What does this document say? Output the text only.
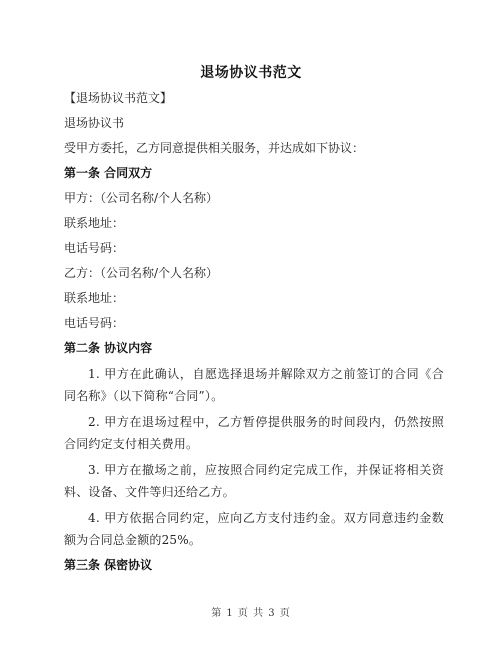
退场协议书范文

【退场协议书范文】

退场协议书

受甲方委托，乙方同意提供相关服务，并达成如下协议：

第一条 合同双方

甲方：（公司名称/个人名称）

联系地址：

电话号码：

乙方：（公司名称/个人名称）

联系地址：

电话号码：

第二条 协议内容

1. 甲方在此确认，自愿选择退场并解除双方之前签订的合同《合同名称》（以下简称“合同”）。

2. 甲方在退场过程中，乙方暂停提供服务的时间段内，仍然按照合同约定支付相关费用。

3. 甲方在撤场之前，应按照合同约定完成工作，并保证将相关资料、设备、文件等归还给乙方。

4. 甲方依据合同约定，应向乙方支付违约金。双方同意违约金数额为合同总金额的25%。

第三条 保密协议

第 1 页 共 3 页
